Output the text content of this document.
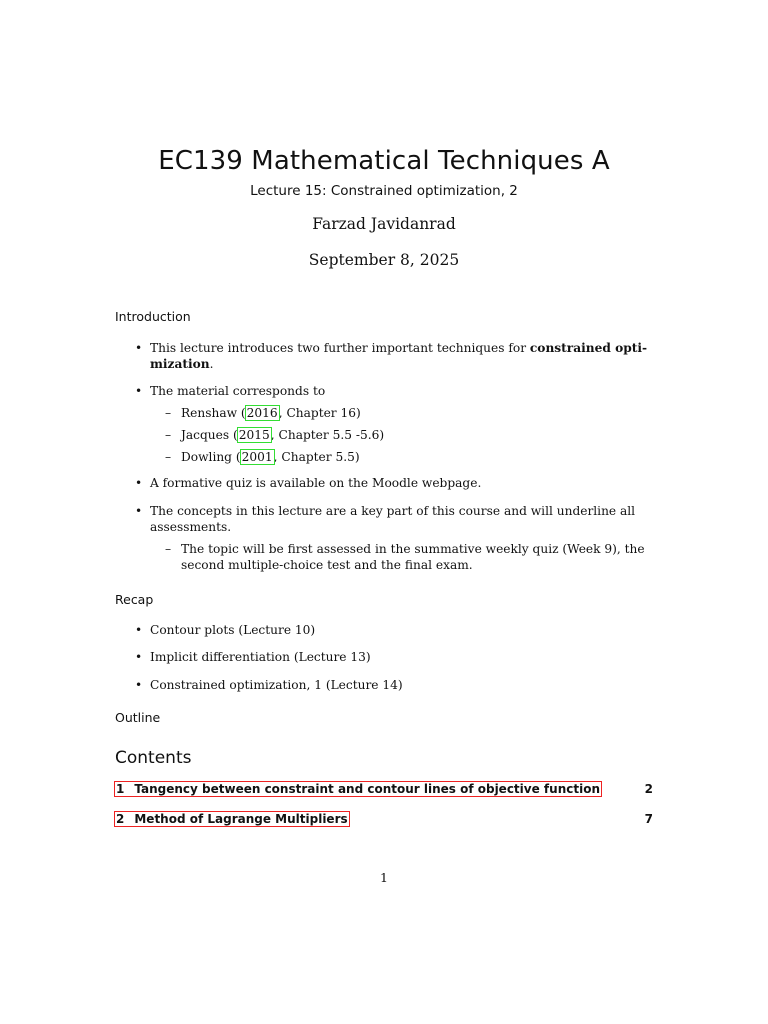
EC139 Mathematical Techniques A
Lecture 15: Constrained optimization, 2
Farzad Javidanrad
September 8, 2025
Introduction
• This lecture introduces two further important techniques for constrained opti-
mization.
• The material corresponds to
– Renshaw (2016, Chapter 16)
– Jacques (2015, Chapter 5.5 -5.6)
– Dowling (2001, Chapter 5.5)
• A formative quiz is available on the Moodle webpage.
• The concepts in this lecture are a key part of this course and will underline all
assessments.
– The topic will be first assessed in the summative weekly quiz (Week 9), the
second multiple-choice test and the final exam.
Recap
• Contour plots (Lecture 10)
• Implicit differentiation (Lecture 13)
• Constrained optimization, 1 (Lecture 14)
Outline
Contents
1 Tangency between constraint and contour lines of objective function	2
2 Method of Lagrange Multipliers	7
1
